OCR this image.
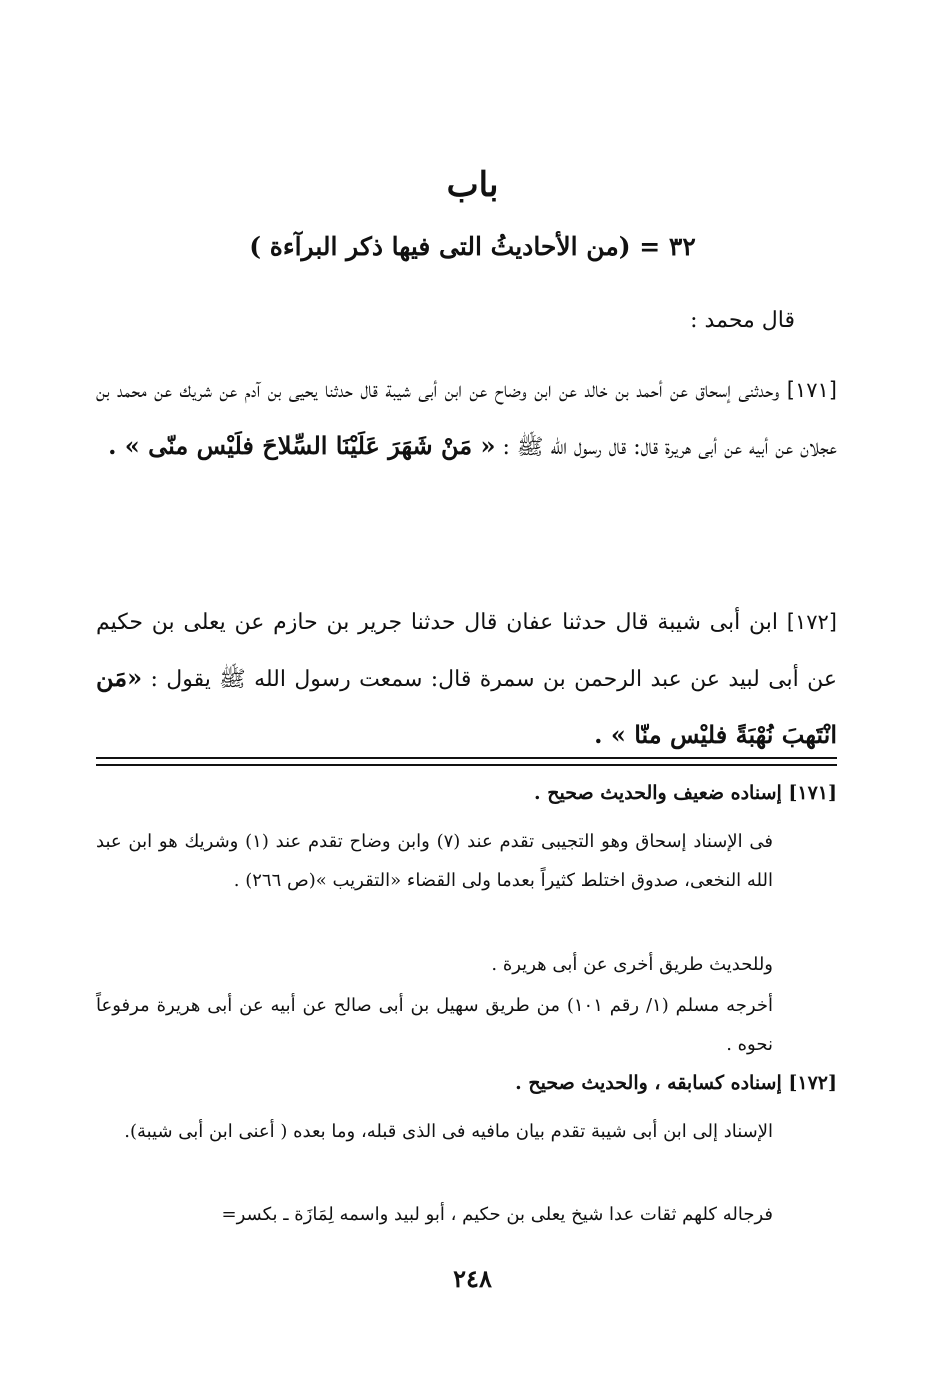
باب
٣٢ = (من الأحاديثُ التى فيها ذكر البرآءة )
قال محمد :
[١٧١] وحدثنى إسحاق عن أحمد بن خالد عن ابن وضاح عن ابن أبى شيبة قال حدثنا يحيى بن آدم عن شريك عن محمد بن عجلان عن أبيه عن أبى هريرة قال: قال رسول الله ﷺ : « مَنْ شَهَرَ عَلَيْنَا السِّلاحَ فلَيْس منّى » .
[١٧٢] ابن أبى شيبة قال حدثنا عفان قال حدثنا جرير بن حازم عن يعلى بن حكيم عن أبى لبيد عن عبد الرحمن بن سمرة قال: سمعت رسول الله ﷺ يقول : «مَن انْتَهبَ نُهْبَةً فليْس منّا » .
[١٧١] إسناده ضعيف والحديث صحيح .
فى الإسناد إسحاق وهو التجيبى تقدم عند (٧) وابن وضاح تقدم عند (١) وشريك هو ابن عبد الله النخعى، صدوق اختلط كثيراً بعدما ولى القضاء «التقريب »(ص ٢٦٦) .
وللحديث طريق أخرى عن أبى هريرة .
أخرجه مسلم (١/ رقم ١٠١) من طريق سهيل بن أبى صالح عن أبيه عن أبى هريرة مرفوعاً نحوه .
[١٧٢] إسناده كسابقه ، والحديث صحيح .
الإسناد إلى ابن أبى شيبة تقدم بيان مافيه فى الذى قبله، وما بعده ( أعنى ابن أبى شيبة).
فرجاله كلهم ثقات عدا شيخ يعلى بن حكيم ، أبو لبيد واسمه لِمَازَة ـ بكسر=
٢٤٨
